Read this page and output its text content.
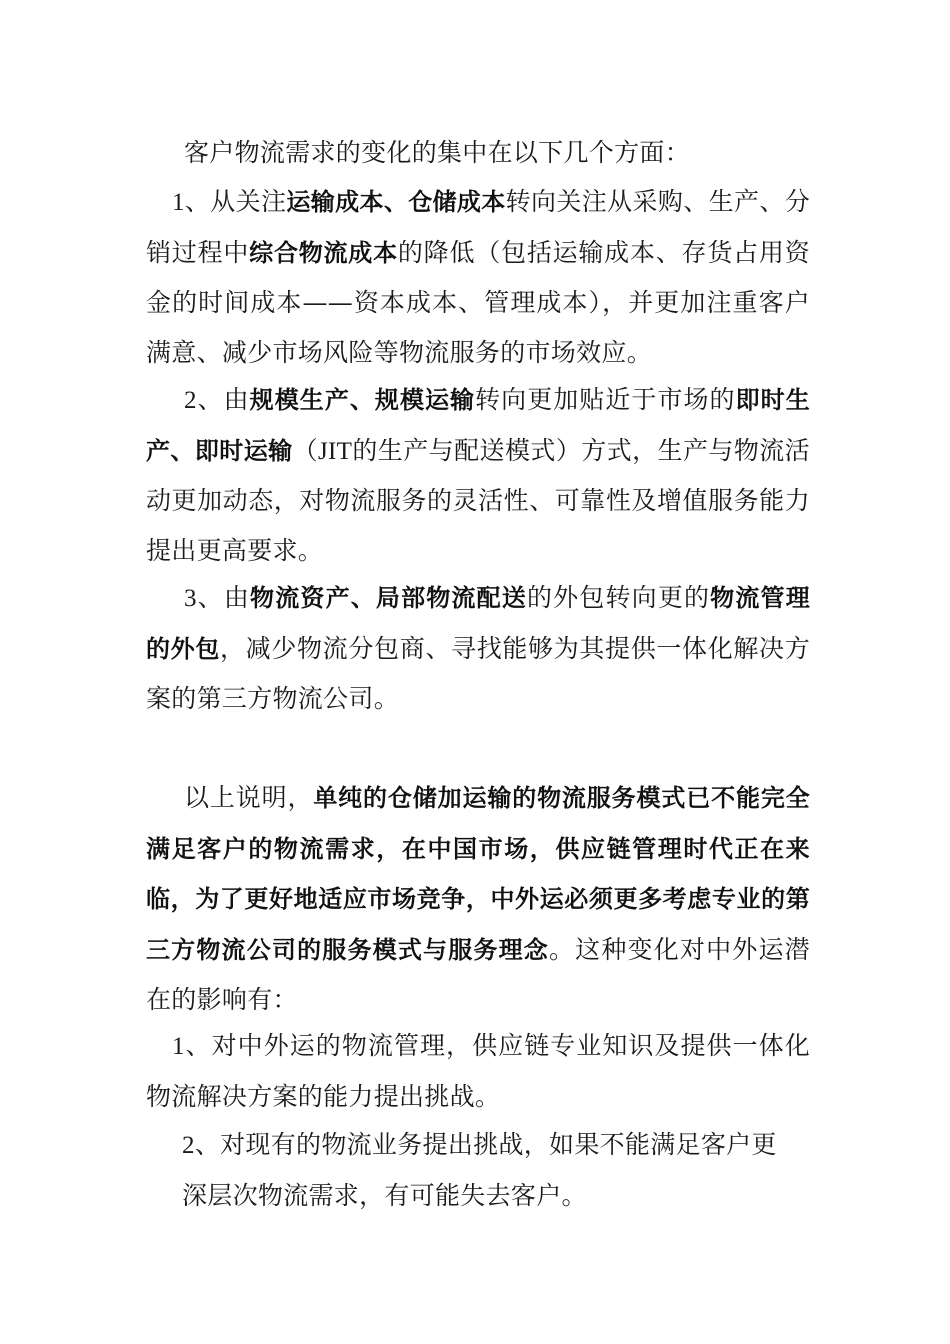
客户物流需求的变化的集中在以下几个方面：

1、从关注运输成本、仓储成本转向关注从采购、生产、分销过程中综合物流成本的降低（包括运输成本、存货占用资金的时间成本——资本成本、管理成本），并更加注重客户满意、减少市场风险等物流服务的市场效应。

2、由规模生产、规模运输转向更加贴近于市场的即时生产、即时运输（JIT的生产与配送模式）方式，生产与物流活动更加动态，对物流服务的灵活性、可靠性及增值服务能力提出更高要求。

3、由物流资产、局部物流配送的外包转向更的物流管理的外包，减少物流分包商、寻找能够为其提供一体化解决方案的第三方物流公司。

以上说明，单纯的仓储加运输的物流服务模式已不能完全满足客户的物流需求，在中国市场，供应链管理时代正在来临，为了更好地适应市场竞争，中外运必须更多考虑专业的第三方物流公司的服务模式与服务理念。这种变化对中外运潜在的影响有：

1、对中外运的物流管理，供应链专业知识及提供一体化物流解决方案的能力提出挑战。

2、对现有的物流业务提出挑战，如果不能满足客户更
深层次物流需求，有可能失去客户。
